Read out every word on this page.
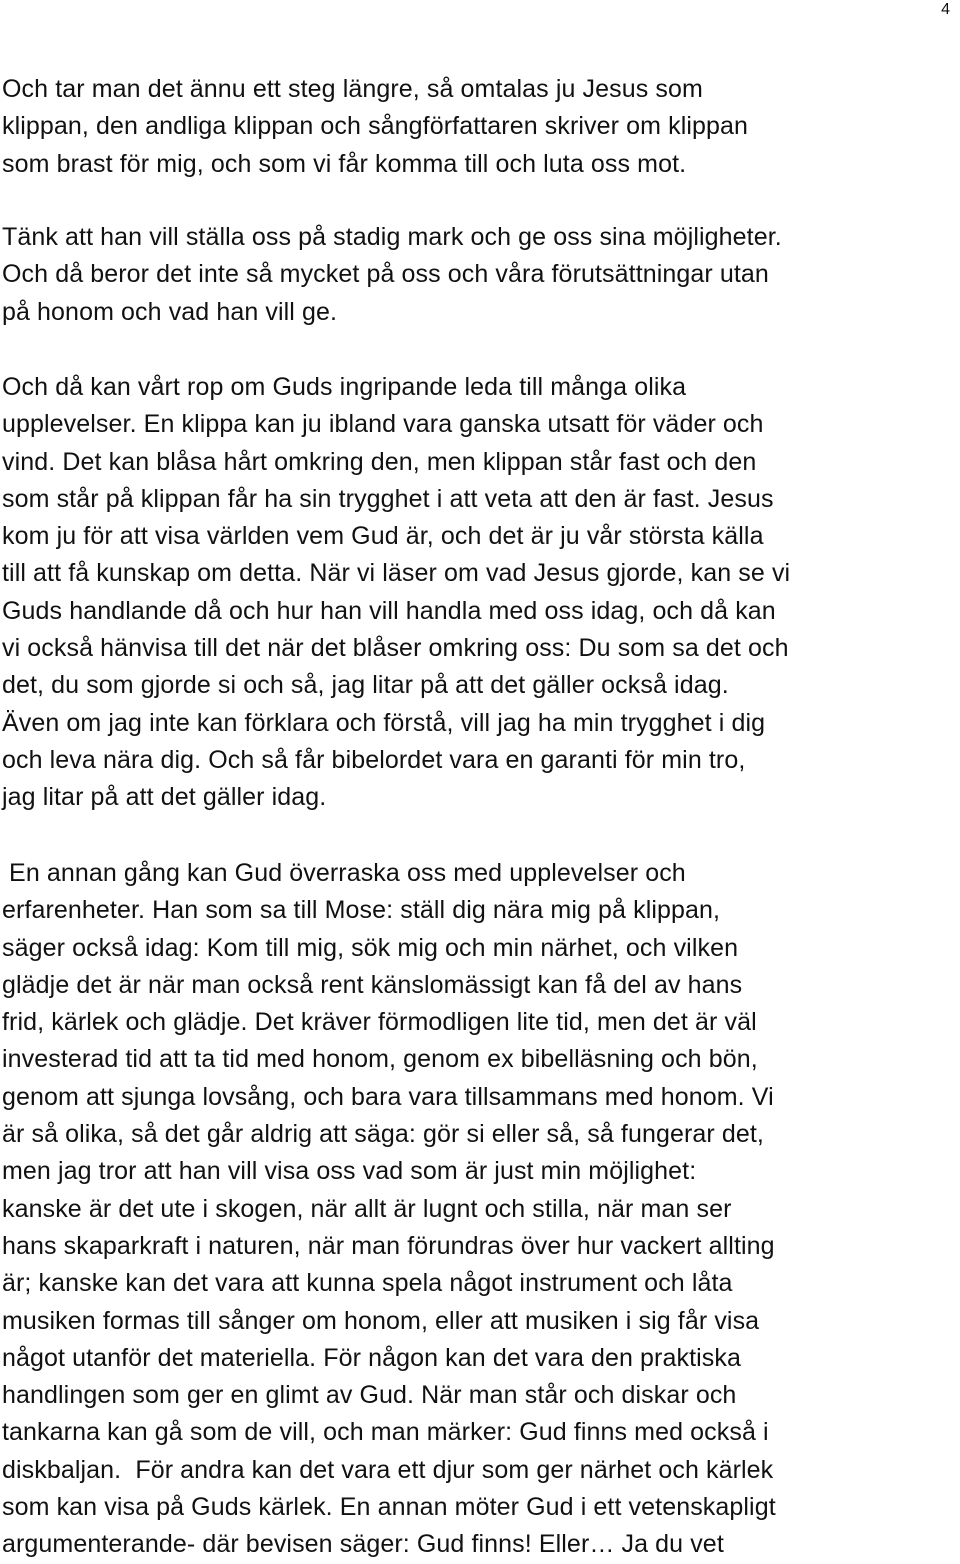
4
Och tar man det ännu ett steg längre, så omtalas ju Jesus som
klippan, den andliga klippan och sångförfattaren skriver om klippan
som brast för mig, och som vi får komma till och luta oss mot.
Tänk att han vill ställa oss på stadig mark och ge oss sina möjligheter.
Och då beror det inte så mycket på oss och våra förutsättningar utan
på honom och vad han vill ge.
Och då kan vårt rop om Guds ingripande leda till många olika
upplevelser. En klippa kan ju ibland vara ganska utsatt för väder och
vind. Det kan blåsa hårt omkring den, men klippan står fast och den
som står på klippan får ha sin trygghet i att veta att den är fast. Jesus
kom ju för att visa världen vem Gud är, och det är ju vår största källa
till att få kunskap om detta. När vi läser om vad Jesus gjorde, kan se vi
Guds handlande då och hur han vill handla med oss idag, och då kan
vi också hänvisa till det när det blåser omkring oss: Du som sa det och
det, du som gjorde si och så, jag litar på att det gäller också idag.
Även om jag inte kan förklara och förstå, vill jag ha min trygghet i dig
och leva nära dig. Och så får bibelordet vara en garanti för min tro,
jag litar på att det gäller idag.
En annan gång kan Gud överraska oss med upplevelser och
erfarenheter. Han som sa till Mose: ställ dig nära mig på klippan,
säger också idag: Kom till mig, sök mig och min närhet, och vilken
glädje det är när man också rent känslomässigt kan få del av hans
frid, kärlek och glädje. Det kräver förmodligen lite tid, men det är väl
investerad tid att ta tid med honom, genom ex bibelläsning och bön,
genom att sjunga lovsång, och bara vara tillsammans med honom. Vi
är så olika, så det går aldrig att säga: gör si eller så, så fungerar det,
men jag tror att han vill visa oss vad som är just min möjlighet:
kanske är det ute i skogen, när allt är lugnt och stilla, när man ser
hans skaparkraft i naturen, när man förundras över hur vackert allting
är; kanske kan det vara att kunna spela något instrument och låta
musiken formas till sånger om honom, eller att musiken i sig får visa
något utanför det materiella. För någon kan det vara den praktiska
handlingen som ger en glimt av Gud. När man står och diskar och
tankarna kan gå som de vill, och man märker: Gud finns med också i
diskbaljan.  För andra kan det vara ett djur som ger närhet och kärlek
som kan visa på Guds kärlek. En annan möter Gud i ett vetenskapligt
argumenterande- där bevisen säger: Gud finns! Eller… Ja du vet
